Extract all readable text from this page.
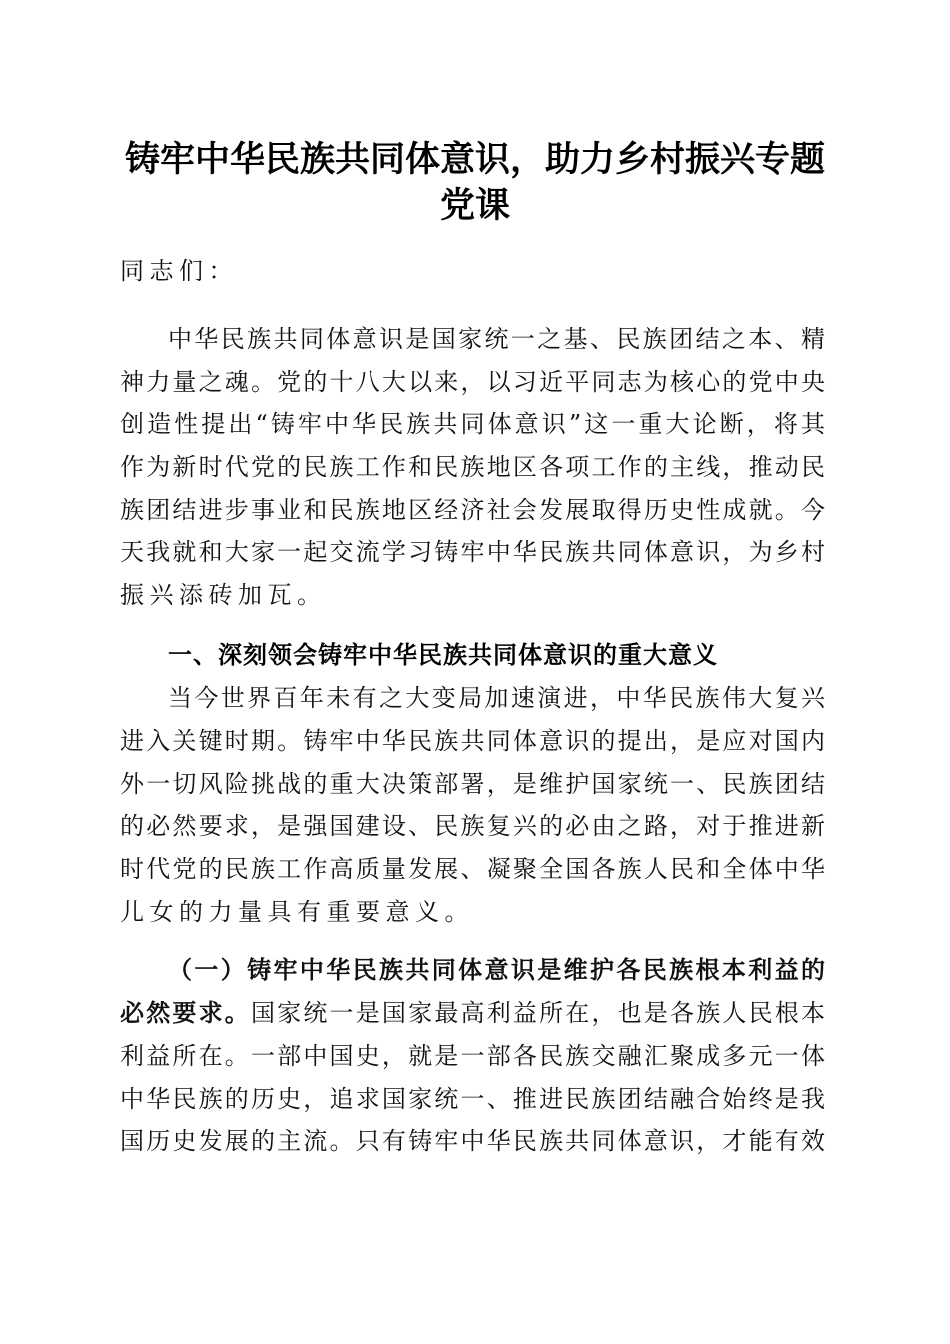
铸牢中华民族共同体意识，助力乡村振兴专题
党课
同志们：
中华民族共同体意识是国家统一之基、民族团结之本、精
神力量之魂。党的十八大以来，以习近平同志为核心的党中央
创造性提出“铸牢中华民族共同体意识”这一重大论断，将其
作为新时代党的民族工作和民族地区各项工作的主线，推动民
族团结进步事业和民族地区经济社会发展取得历史性成就。今
天我就和大家一起交流学习铸牢中华民族共同体意识，为乡村
振兴添砖加瓦。
一、深刻领会铸牢中华民族共同体意识的重大意义
当今世界百年未有之大变局加速演进，中华民族伟大复兴
进入关键时期。铸牢中华民族共同体意识的提出，是应对国内
外一切风险挑战的重大决策部署，是维护国家统一、民族团结
的必然要求，是强国建设、民族复兴的必由之路，对于推进新
时代党的民族工作高质量发展、凝聚全国各族人民和全体中华
儿女的力量具有重要意义。
（一）铸牢中华民族共同体意识是维护各民族根本利益的
必然要求。国家统一是国家最高利益所在，也是各族人民根本
利益所在。一部中国史，就是一部各民族交融汇聚成多元一体
中华民族的历史，追求国家统一、推进民族团结融合始终是我
国历史发展的主流。只有铸牢中华民族共同体意识，才能有效
